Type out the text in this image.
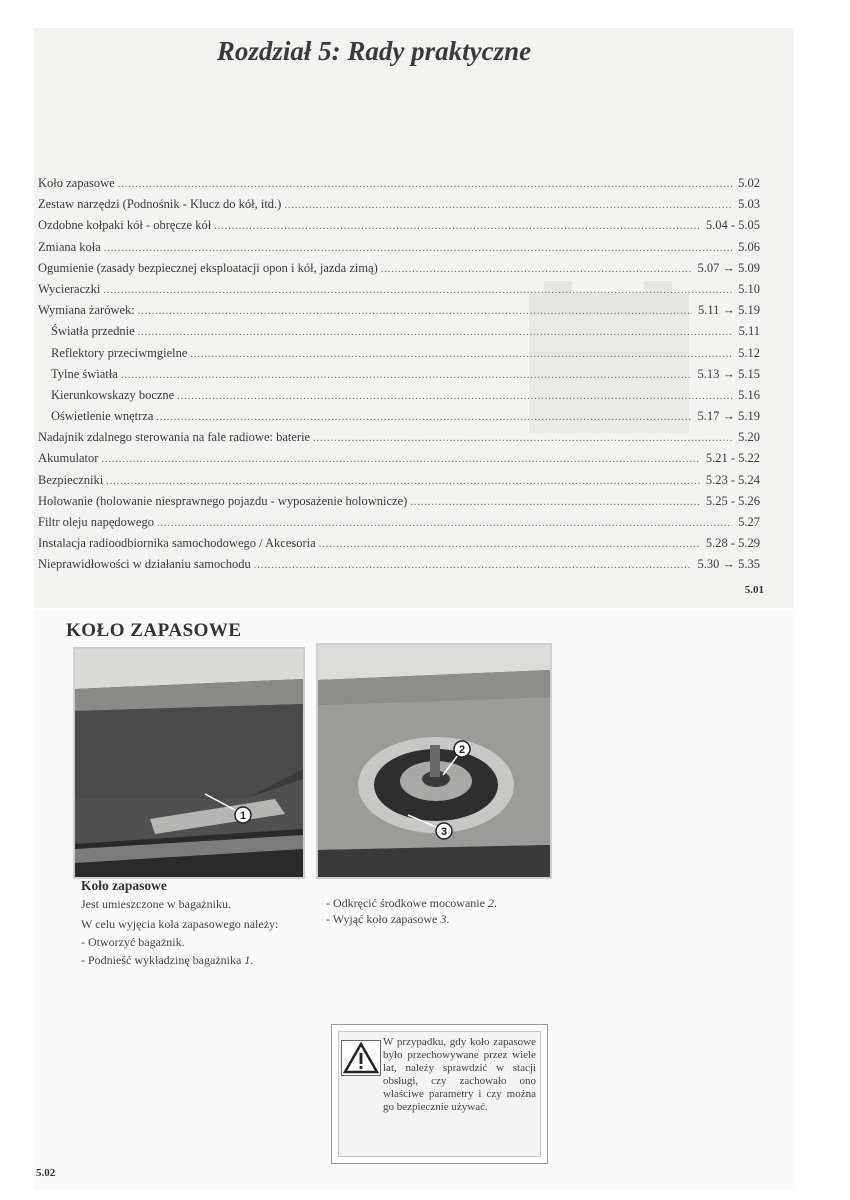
Rozdział 5: Rady praktyczne
Koło zapasowe .....	5.02
Zestaw narzędzi (Podnośnik - Klucz do kół, itd.) .....	5.03
Ozdobne kołpaki kół - obręcze kół .....	5.04 - 5.05
Zmiana koła .....	5.06
Ogumienie (zasady bezpiecznej eksploatacji opon i kół, jazda zimą) .....	5.07 → 5.09
Wycieraczki .....	5.10
Wymiana żarówek: .....	5.11 → 5.19
Światła przednie .....	5.11
Reflektory przeciwmgielne .....	5.12
Tylne światła .....	5.13 → 5.15
Kierunkowskazy boczne .....	5.16
Oświetlenie wnętrza .....	5.17 → 5.19
Nadajnik zdalnego sterowania na fale radiowe: baterie .....	5.20
Akumulator .....	5.21 - 5.22
Bezpieczniki .....	5.23 - 5.24
Holowanie (holowanie niesprawnego pojazdu - wyposażenie holownicze) .....	5.25 - 5.26
Filtr oleju napędowego .....	5.27
Instalacja radioodbiornika samochodowego / Akcesoria .....	5.28 - 5.29
Nieprawidłowości w działaniu samochodu .....	5.30 → 5.35
5.01
KOŁO ZAPASOWE
1
2
3
Koło zapasowe
Jest umieszczone w bagażniku.
W celu wyjęcia koła zapasowego należy:
- Otworzyć bagażnik.
- Podnieść wykładzinę bagażnika 1.
- Odkręcić środkowe mocowanie 2.
- Wyjąć koło zapasowe 3.
W przypadku, gdy koło zapasowe było przechowywane przez wiele lat, należy sprawdzić w stacji obsługi, czy zachowało ono właściwe parametry i czy można go bezpiecznie używać.
5.02
